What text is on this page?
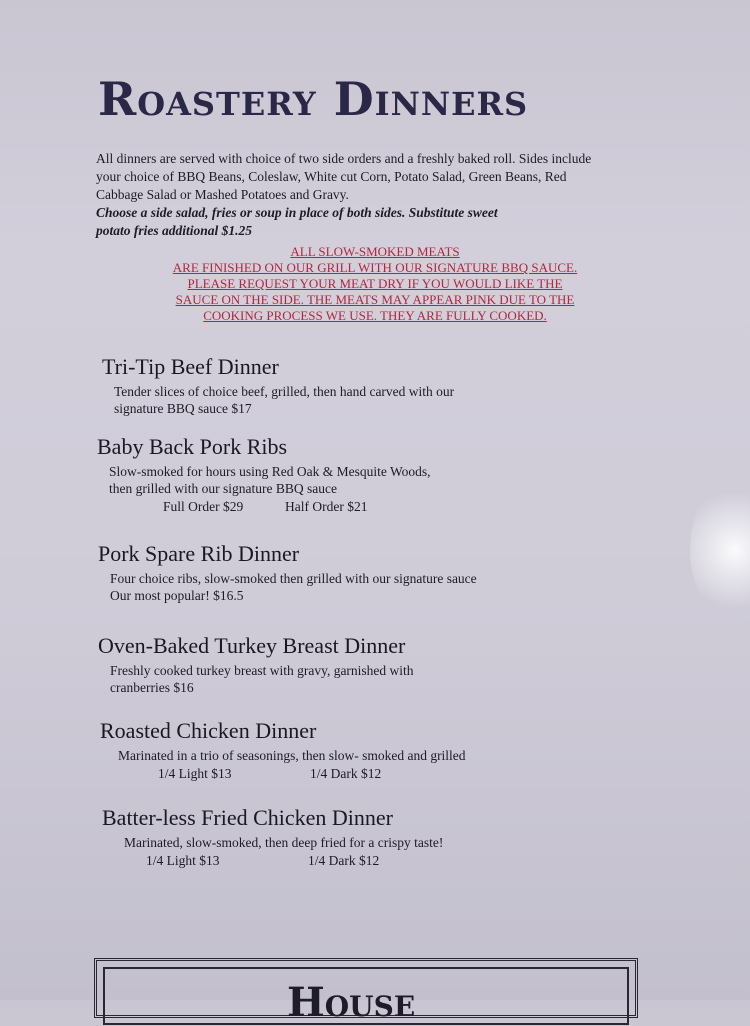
Roastery Dinners

All dinners are served with choice of two side orders and a freshly baked roll. Sides include

your choice of BBQ Beans, Coleslaw, White cut Corn, Potato Salad, Green Beans, Red

Cabbage Salad or Mashed Potatoes and Gravy.

Choose a side salad, fries or soup in place of both sides. Substitute sweet

potato fries additional $1.25

ALL SLOW-SMOKED MEATS
ARE FINISHED ON OUR GRILL WITH OUR SIGNATURE BBQ SAUCE.
PLEASE REQUEST YOUR MEAT DRY IF YOU WOULD LIKE THE
SAUCE ON THE SIDE. THE MEATS MAY APPEAR PINK DUE TO THE
COOKING PROCESS WE USE. THEY ARE FULLY COOKED.
Tri-Tip Beef Dinner
Tender slices of choice beef, grilled, then hand carved with our
signature BBQ sauce $17
Baby Back Pork Ribs
Slow-smoked for hours using Red Oak & Mesquite Woods,
then grilled with our signature BBQ sauce
Full Order $29	Half Order $21
Pork Spare Rib Dinner
Four choice ribs, slow-smoked then grilled with our signature sauce
Our most popular! $16.5
Oven-Baked Turkey Breast Dinner
Freshly cooked turkey breast with gravy, garnished with
cranberries $16
Roasted Chicken Dinner
Marinated in a trio of seasonings, then slow- smoked and grilled
1/4 Light $13	1/4 Dark $12
Batter-less Fried Chicken Dinner
Marinated, slow-smoked, then deep fried for a crispy taste!
1/4 Light $13	1/4 Dark $12
House
